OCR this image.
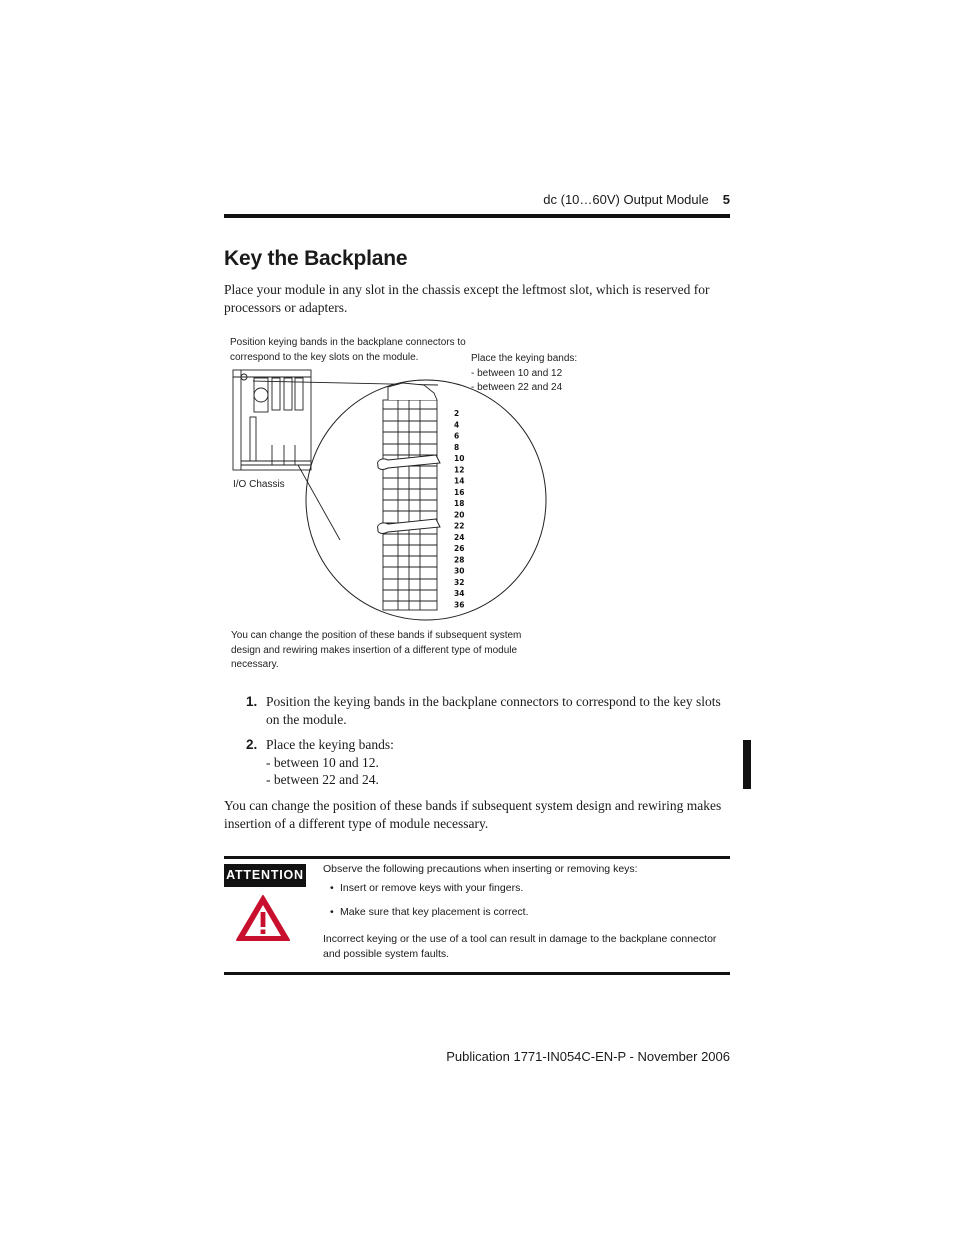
dc (10…60V) Output Module 5
Key the Backplane
Place your module in any slot in the chassis except the leftmost slot, which is reserved for processors or adapters.
Position keying bands in the backplane connectors to correspond to the key slots on the module.	Place the keying bands:
- between 10 and 12
- between 22 and 24
I/O Chassis
2
4
6
8
10
12
14
16
18
20
22
24
26
28
30
32
34
36
You can change the position of these bands if subsequent system design and rewiring makes insertion of a different type of module necessary.
1. Position the keying bands in the backplane connectors to correspond to the key slots on the module.
2. Place the keying bands:
- between 10 and 12.
- between 22 and 24.
You can change the position of these bands if subsequent system design and rewiring makes insertion of a different type of module necessary.
ATTENTION Observe the following precautions when inserting or removing keys:
• Insert or remove keys with your fingers.
• Make sure that key placement is correct.
Incorrect keying or the use of a tool can result in damage to the backplane connector and possible system faults.
Publication 1771-IN054C-EN-P - November 2006
